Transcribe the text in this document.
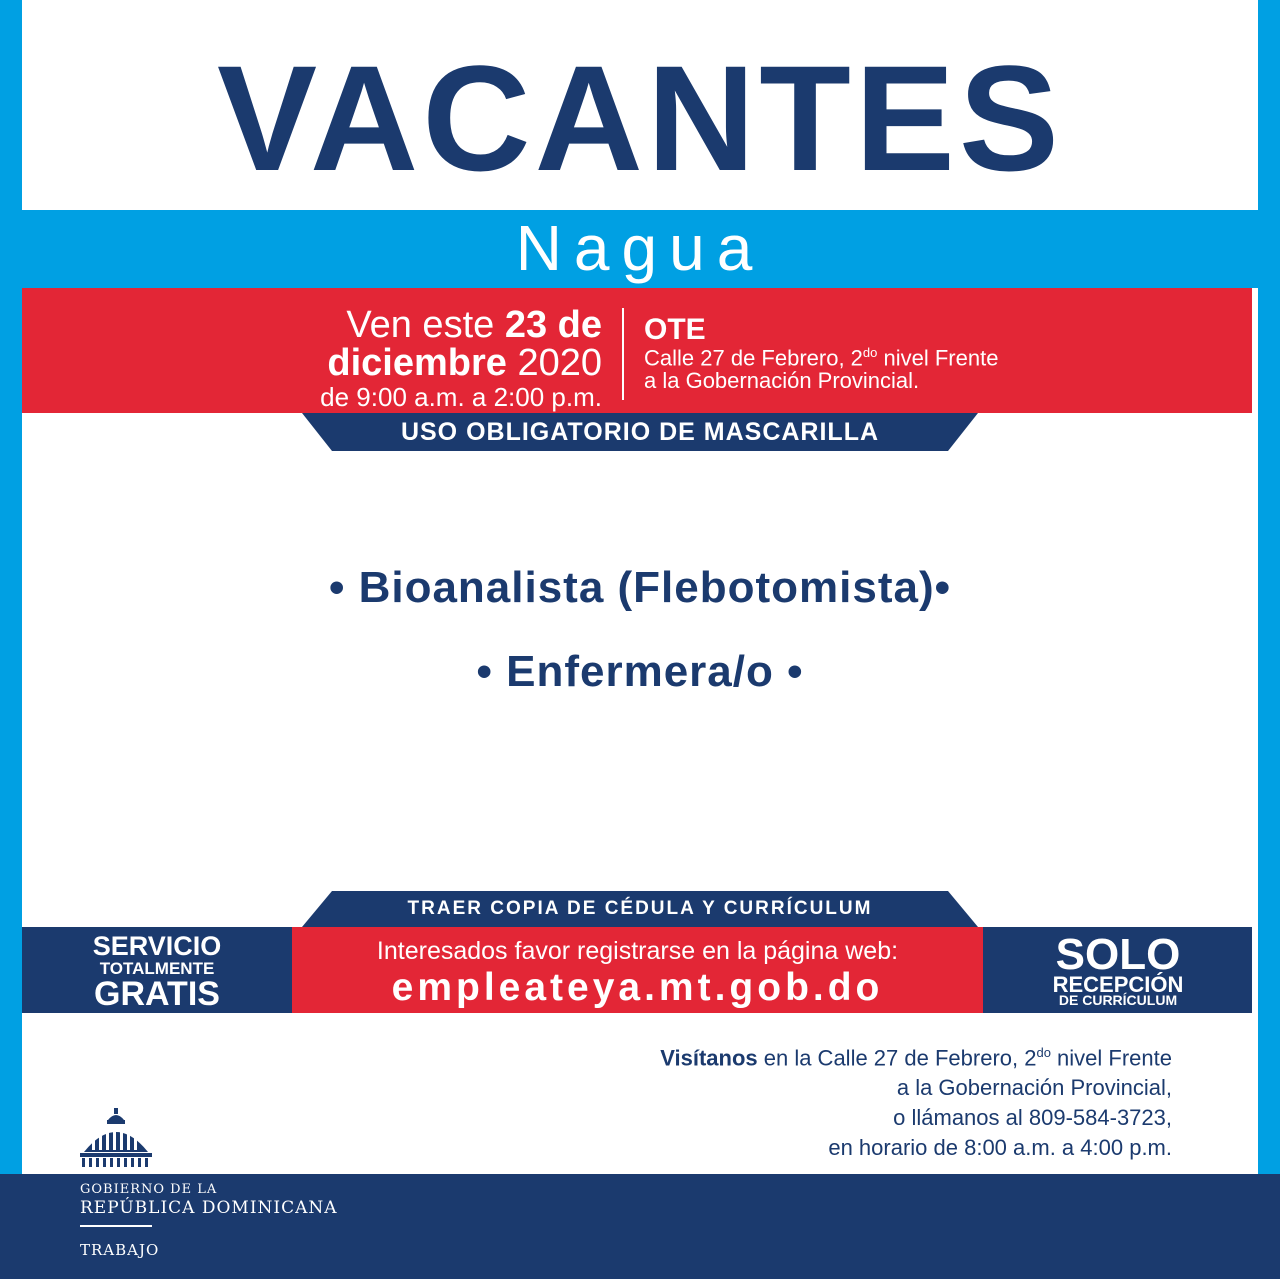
VACANTES
Nagua
Ven este 23 de
diciembre 2020
de 9:00 a.m. a 2:00 p.m.
OTE
Calle 27 de Febrero, $2^{do}$ nivel Frente
a la Gobernación Provincial.
USO OBLIGATORIO DE MASCARILLA
• Bioanalista (Flebotomista)•
• Enfermera/o •
TRAER COPIA DE CÉDULA Y CURRÍCULUM
SERVICIO
TOTALMENTE
GRATIS
Interesados favor registrarse en la página web:
empleateya.mt.gob.do
SOLO
RECEPCIÓN
DE CURRÍCULUM
Visítanos en la Calle 27 de Febrero, $2^{do}$ nivel Frente
a la Gobernación Provincial,
o llámanos al 809-584-3723,
en horario de 8:00 a.m. a 4:00 p.m.
GOBIERNO DE LA
REPÚBLICA DOMINICANA
TRABAJO
